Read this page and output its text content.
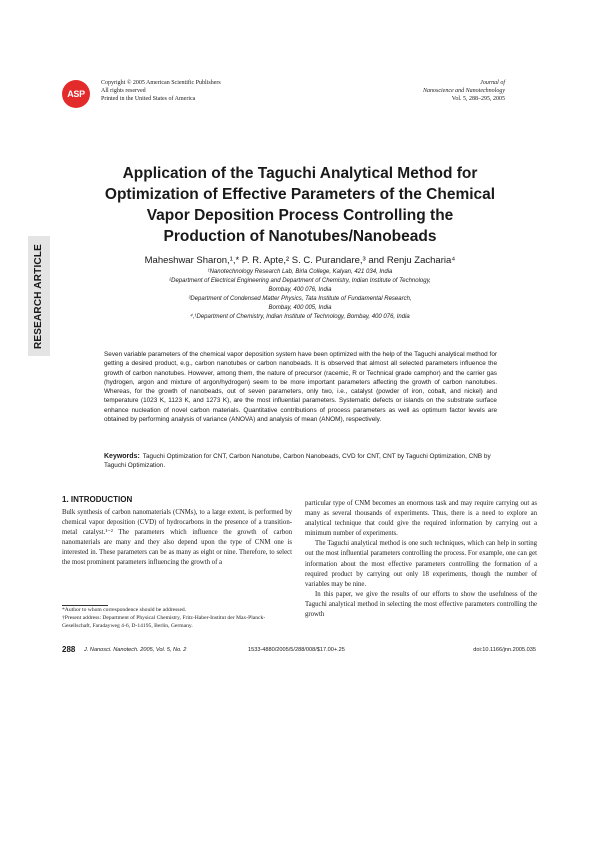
ASP
Copyright © 2005 American Scientific Publishers
All rights reserved
Printed in the United States of America
Journal of
Nanoscience and Nanotechnology
Vol. 5, 288–295, 2005
RESEARCH ARTICLE
Application of the Taguchi Analytical Method for
Optimization of Effective Parameters of the Chemical
Vapor Deposition Process Controlling the
Production of Nanotubes/Nanobeads
Maheshwar Sharon,¹,* P. R. Apte,² S. C. Purandare,³ and Renju Zacharia⁴
¹Nanotechnology Research Lab, Birla College, Kalyan, 421 034, India
²Department of Electrical Engineering and Department of Chemistry, Indian Institute of Technology,
Bombay, 400 076, India
³Department of Condensed Matter Physics, Tata Institute of Fundamental Research,
Bombay, 400 005, India
⁴,¹Department of Chemistry, Indian Institute of Technology, Bombay, 400 076, India
Seven variable parameters of the chemical vapor deposition system have been optimized with the help of the Taguchi analytical method for getting a desired product, e.g., carbon nanotubes or carbon nanobeads. It is observed that almost all selected parameters influence the growth of carbon nanotubes. However, among them, the nature of precursor (racemic, R or Technical grade camphor) and the carrier gas (hydrogen, argon and mixture of argon/hydrogen) seem to be more important parameters affecting the growth of carbon nanotubes. Whereas, for the growth of nanobeads, out of seven parameters, only two, i.e., catalyst (powder of iron, cobalt, and nickel) and temperature (1023 K, 1123 K, and 1273 K), are the most influential parameters. Systematic defects or islands on the substrate surface enhance nucleation of novel carbon materials. Quantitative contributions of process parameters as well as optimum factor levels are obtained by performing analysis of variance (ANOVA) and analysis of mean (ANOM), respectively.
Keywords: Taguchi Optimization for CNT, Carbon Nanotube, Carbon Nanobeads, CVD for CNT, CNT by Taguchi Optimization, CNB by Taguchi Optimization.
1. INTRODUCTION

Bulk synthesis of carbon nanomaterials (CNMs), to a large extent, is performed by chemical vapor deposition (CVD) of hydrocarbons in the presence of a transition-metal catalyst.¹⁻² The parameters which influence the growth of carbon nanomaterials are many and they also depend upon the type of CNM one is interested in. These parameters can be as many as eight or nine. Therefore, to select the most prominent parameters influencing the growth of a

*Author to whom correspondence should be addressed.
†Present address: Department of Physical Chemistry, Fritz-Haber-Institut der Max-Planck-Gesellschaft, Faradayweg 4-6, D-14195, Berlin, Germany.

particular type of CNM becomes an enormous task and may require carrying out as many as several thousands of experiments. Thus, there is a need to explore an analytical technique that could give the required information by carrying out a minimum number of experiments.

The Taguchi analytical method is one such techniques, which can help in sorting out the most influential parameters controlling the process. For example, one can get information about the most effective parameters controlling the formation of a required product by carrying out only 18 experiments, though the number of variables may be nine.

In this paper, we give the results of our efforts to show the usefulness of the Taguchi analytical method in selecting the most effective parameters controlling the growth

288 J. Nanosci. Nanotech. 2005, Vol. 5, No. 2	1533-4880/2005/5/288/008/$17.00+.25	doi:10.1166/jnn.2005.035
